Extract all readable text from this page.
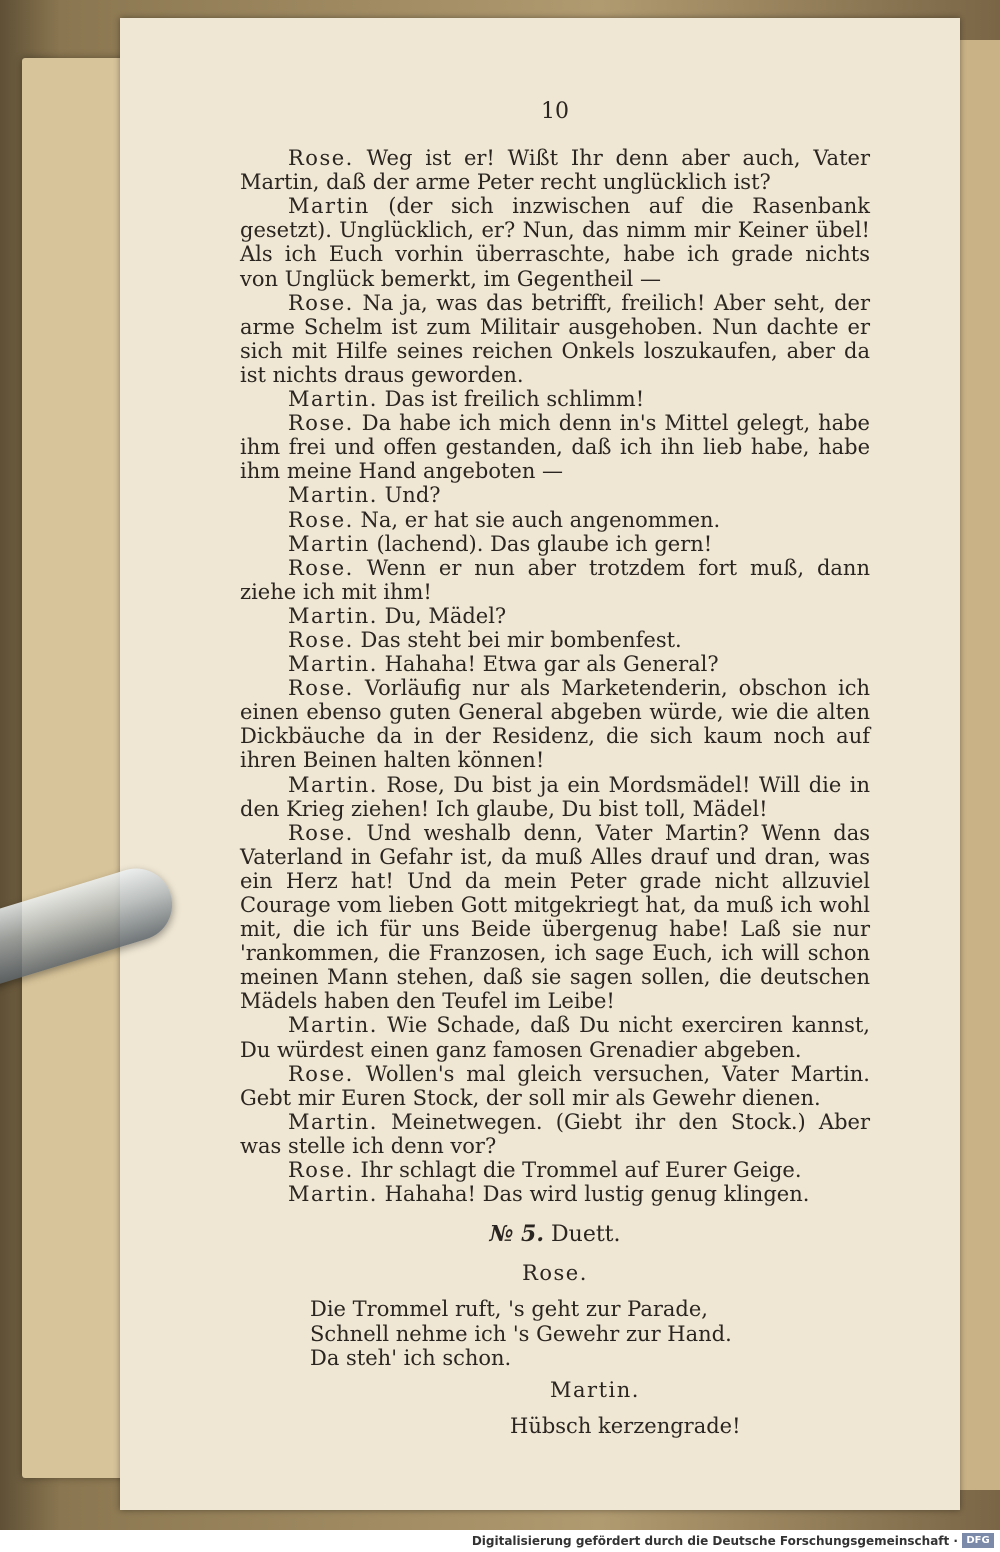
10

Rose. Weg ist er! Wißt Ihr denn aber auch, Vater Martin, daß der arme Peter recht unglücklich ist?

Martin (der sich inzwischen auf die Rasenbank gesetzt). Unglücklich, er? Nun, das nimm mir Keiner übel! Als ich Euch vorhin überraschte, habe ich grade nichts von Unglück bemerkt, im Gegentheil —

Rose. Na ja, was das betrifft, freilich! Aber seht, der arme Schelm ist zum Militair ausgehoben. Nun dachte er sich mit Hilfe seines reichen Onkels loszukaufen, aber da ist nichts draus geworden.

Martin. Das ist freilich schlimm!

Rose. Da habe ich mich denn in's Mittel gelegt, habe ihm frei und offen gestanden, daß ich ihn lieb habe, habe ihm meine Hand angeboten —

Martin. Und?

Rose. Na, er hat sie auch angenommen.

Martin (lachend). Das glaube ich gern!

Rose. Wenn er nun aber trotzdem fort muß, dann ziehe ich mit ihm!

Martin. Du, Mädel?

Rose. Das steht bei mir bombenfest.

Martin. Hahaha! Etwa gar als General?

Rose. Vorläufig nur als Marketenderin, obschon ich einen ebenso guten General abgeben würde, wie die alten Dickbäuche da in der Residenz, die sich kaum noch auf ihren Beinen halten können!

Martin. Rose, Du bist ja ein Mordsmädel! Will die in den Krieg ziehen! Ich glaube, Du bist toll, Mädel!

Rose. Und weshalb denn, Vater Martin? Wenn das Vaterland in Gefahr ist, da muß Alles drauf und dran, was ein Herz hat! Und da mein Peter grade nicht allzuviel Courage vom lieben Gott mitgekriegt hat, da muß ich wohl mit, die ich für uns Beide übergenug habe! Laß sie nur 'rankommen, die Franzosen, ich sage Euch, ich will schon meinen Mann stehen, daß sie sagen sollen, die deutschen Mädels haben den Teufel im Leibe!

Martin. Wie Schade, daß Du nicht exerciren kannst, Du würdest einen ganz famosen Grenadier abgeben.

Rose. Wollen's mal gleich versuchen, Vater Martin. Gebt mir Euren Stock, der soll mir als Gewehr dienen.

Martin. Meinetwegen. (Giebt ihr den Stock.) Aber was stelle ich denn vor?

Rose. Ihr schlagt die Trommel auf Eurer Geige.

Martin. Hahaha! Das wird lustig genug klingen.

№ 5. Duett.
Rose.
Die Trommel ruft, 's geht zur Parade,
Schnell nehme ich 's Gewehr zur Hand.
Da steh' ich schon.
Martin.
Hübsch kerzengrade!
Digitalisierung gefördert durch die Deutsche Forschungsgemeinschaft · DFG
